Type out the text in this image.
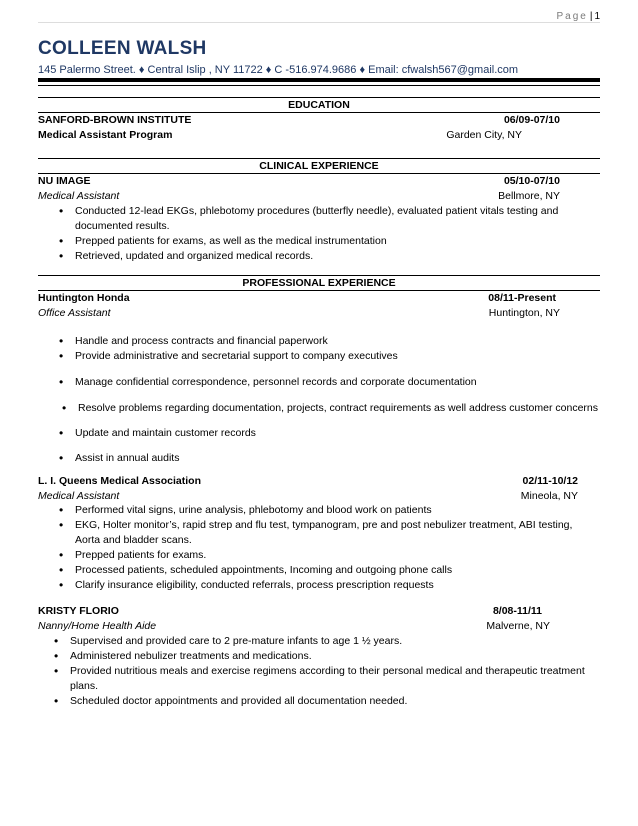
Page | 1
COLLEEN WALSH
145 Palermo Street. ♦ Central Islip , NY 11722 ♦ C -516.974.9686 ♦ Email: cfwalsh567@gmail.com
EDUCATION
SANFORD-BROWN INSTITUTE	06/09-07/10
Medical Assistant Program	Garden City, NY
CLINICAL EXPERIENCE
NU IMAGE	05/10-07/10
Medical Assistant	Bellmore, NY
• Conducted 12-lead EKGs, phlebotomy procedures (butterfly needle), evaluated patient vitals testing and
documented results.
• Prepped patients for exams, as well as the medical instrumentation
• Retrieved, updated and organized medical records.
PROFESSIONAL EXPERIENCE
Huntington Honda	08/11-Present
Office Assistant	Huntington, NY
• Handle and process contracts and financial paperwork
• Provide administrative and secretarial support to company executives
• Manage confidential correspondence, personnel records and corporate documentation
• Resolve problems regarding documentation, projects, contract requirements as well address customer concerns
• Update and maintain customer records
• Assist in annual audits
L. I. Queens Medical Association	02/11-10/12
Medical Assistant	Mineola, NY
• Performed vital signs, urine analysis, phlebotomy and blood work on patients
• EKG, Holter monitor’s, rapid strep and flu test, tympanogram, pre and post nebulizer treatment, ABI testing,
Aorta and bladder scans.
• Prepped patients for exams.
• Processed patients, scheduled appointments, Incoming and outgoing phone calls
• Clarify insurance eligibility, conducted referrals, process prescription requests
KRISTY FLORIO	8/08-11/11
Nanny/Home Health Aide	Malverne, NY
• Supervised and provided care to 2 pre-mature infants to age 1 ½ years.
• Administered nebulizer treatments and medications.
• Provided nutritious meals and exercise regimens according to their personal medical and therapeutic treatment
plans.
• Scheduled doctor appointments and provided all documentation needed.
